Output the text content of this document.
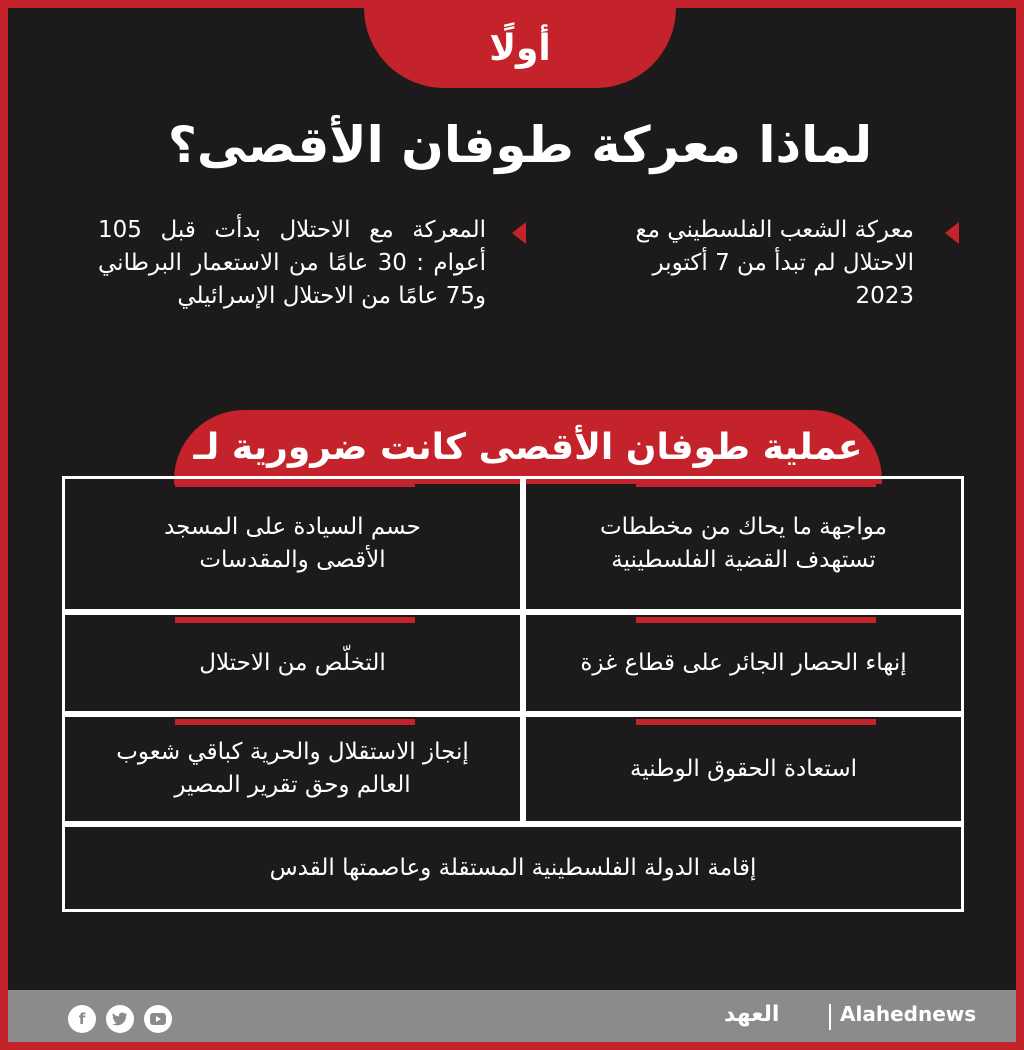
أولًا
لماذا معركة طوفان الأقصى؟
معركة الشعب الفلسطيني مع الاحتلال لم تبدأ من 7 أكتوبر 2023
المعركة مع الاحتلال بدأت قبل 105 أعوام : 30 عامًا من الاستعمار البرطاني و75 عامًا من الاحتلال الإسرائيلي
عملية طوفان الأقصى كانت ضرورية لـ
مواجهة ما يحاك من مخططات تستهدف القضية الفلسطينية
حسم السيادة على المسجد الأقصى والمقدسات
إنهاء الحصار الجائر على قطاع غزة
التخلّص من الاحتلال
استعادة الحقوق الوطنية
إنجاز الاستقلال والحرية كباقي شعوب العالم وحق تقرير المصير
إقامة الدولة الفلسطينية المستقلة وعاصمتها القدس
f	العهد	Alahednews
